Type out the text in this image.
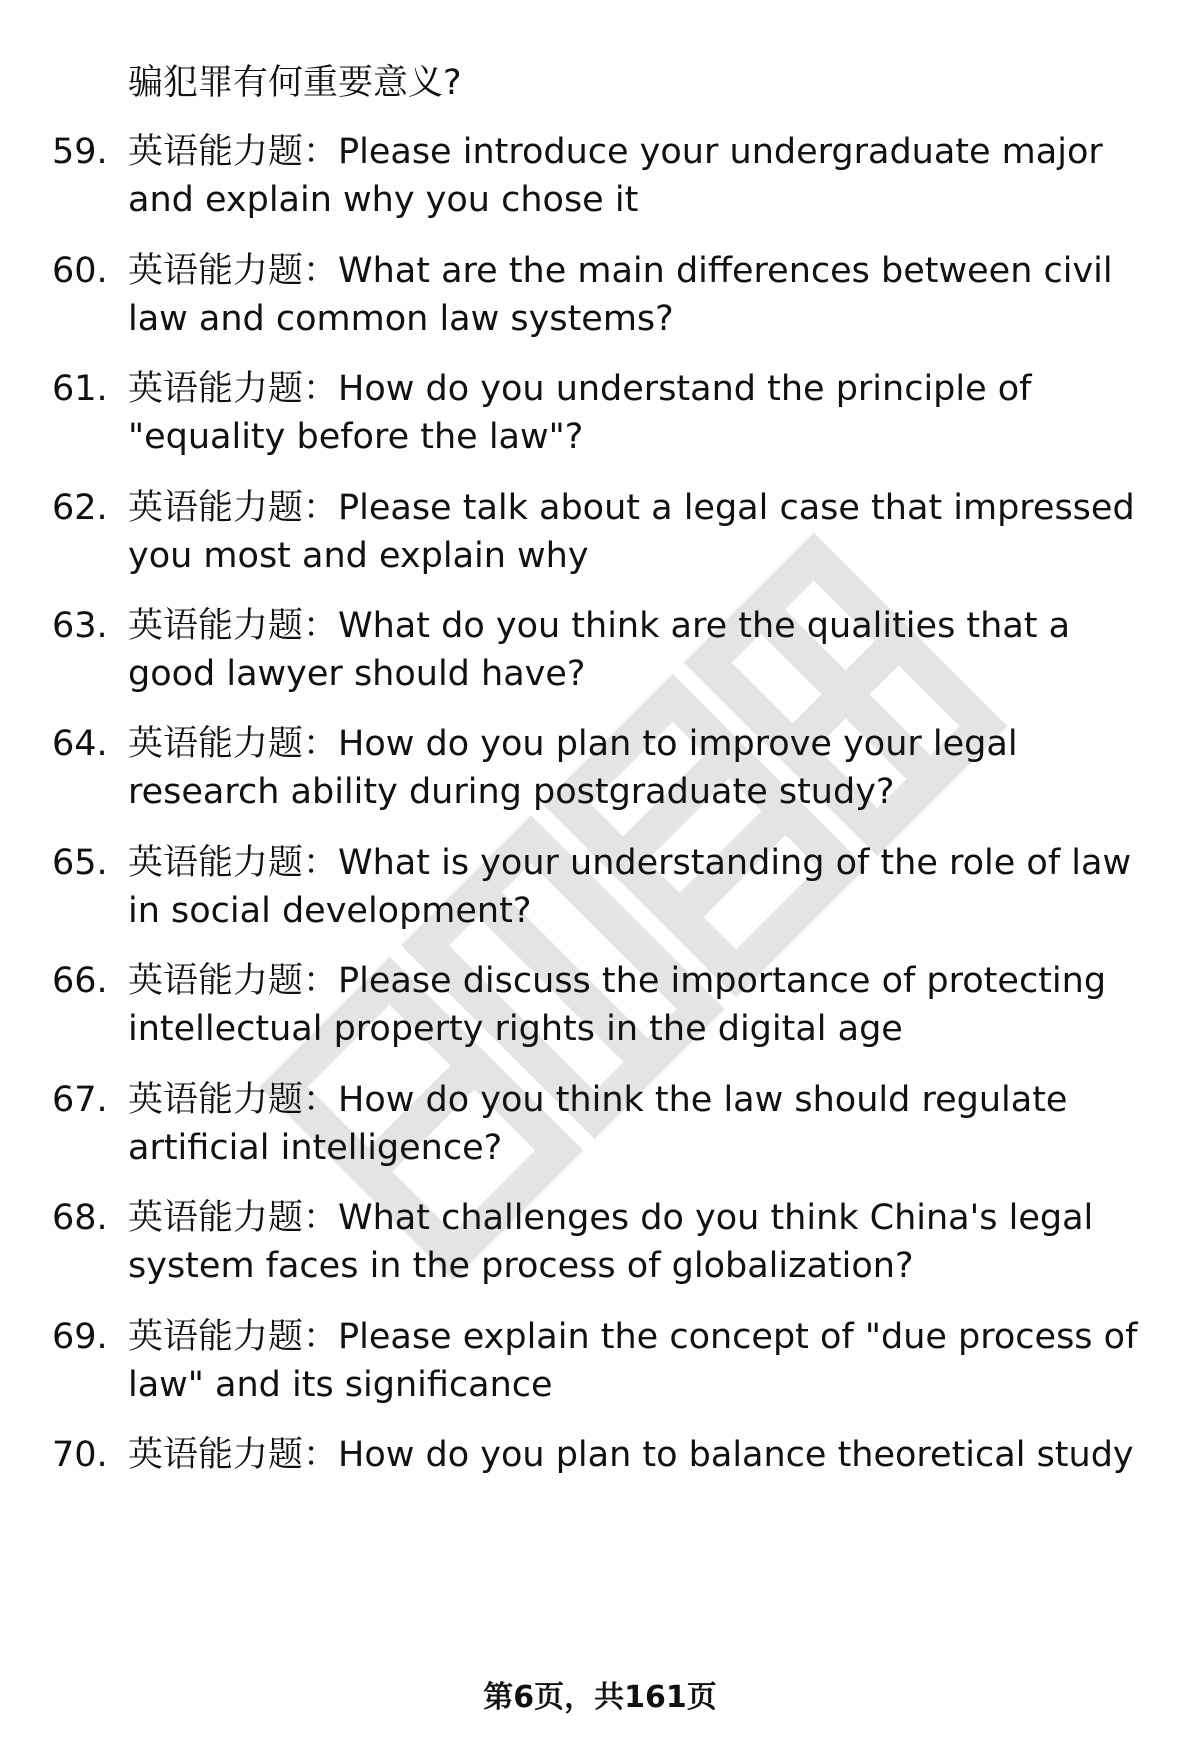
骗犯罪有何重要意义?
59. 英语能力题：Please introduce your undergraduate major and explain why you chose it
60. 英语能力题：What are the main differences between civil law and common law systems?
61. 英语能力题：How do you understand the principle of "equality before the law"?
62. 英语能力题：Please talk about a legal case that impressed you most and explain why
63. 英语能力题：What do you think are the qualities that a good lawyer should have?
64. 英语能力题：How do you plan to improve your legal research ability during postgraduate study?
65. 英语能力题：What is your understanding of the role of law in social development?
66. 英语能力题：Please discuss the importance of protecting intellectual property rights in the digital age
67. 英语能力题：How do you think the law should regulate artificial intelligence?
68. 英语能力题：What challenges do you think China's legal system faces in the process of globalization?
69. 英语能力题：Please explain the concept of "due process of law" and its significance
70. 英语能力题：How do you plan to balance theoretical study
第6页，共161页
